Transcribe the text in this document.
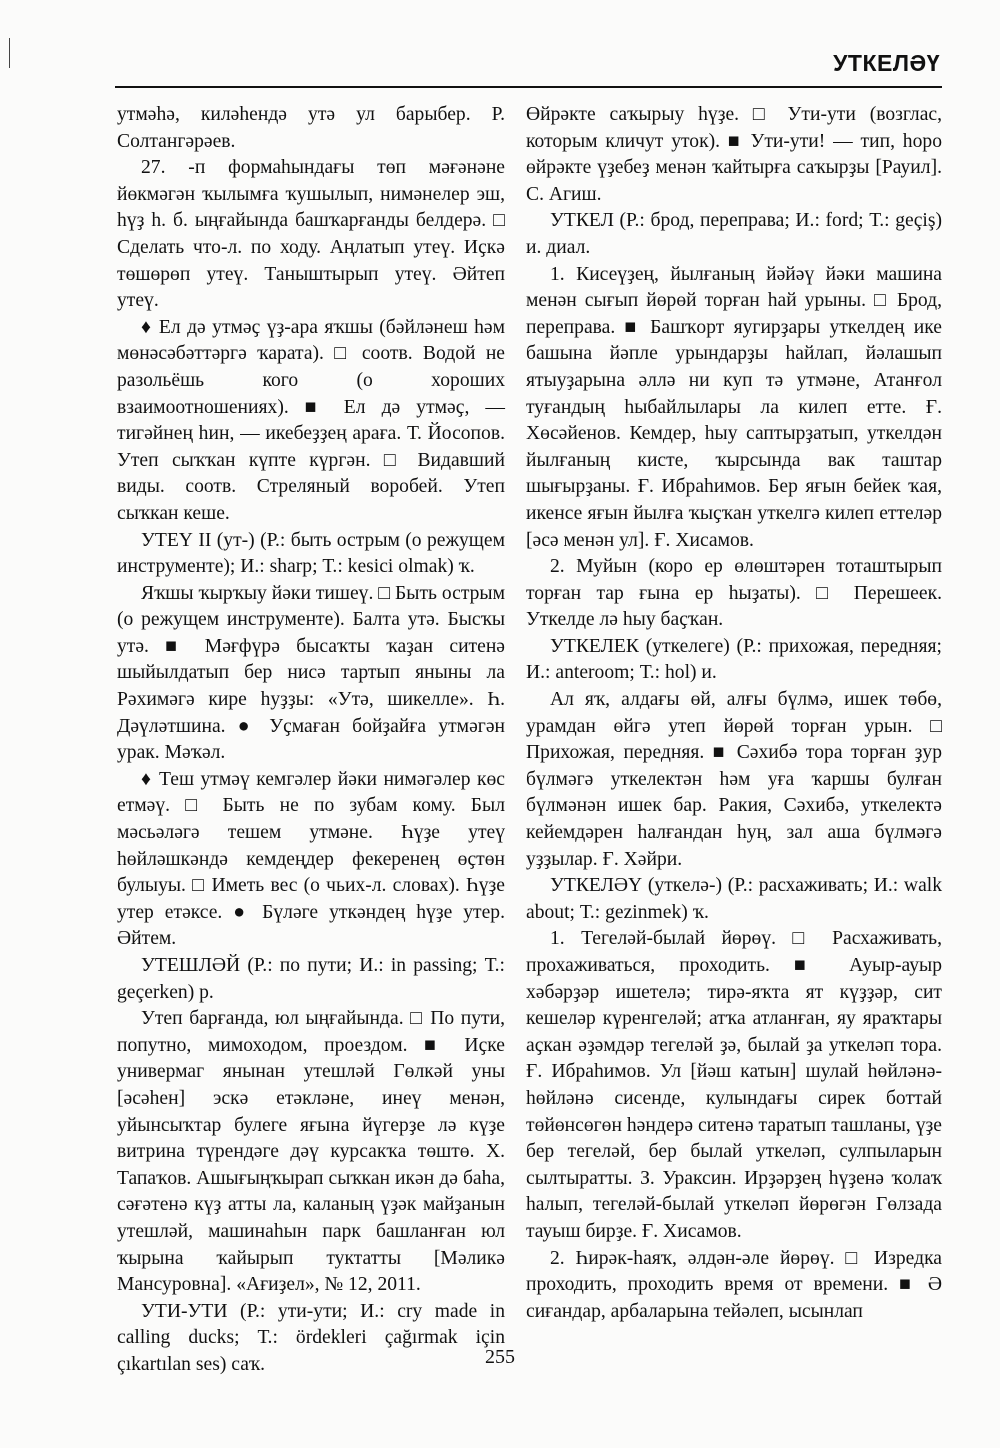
УТКЕЛӘҮ

утмәһә, киләһендә утә ул барыбер. Р. Солтангәрәев.

27. -п формаһындағы төп мәғәнәне йөкмәгән ҡылымға ҡушылып, нимәнелер эш, һүҙ һ. б. ыңғайында башҡарғанды белдерә. □ Сделать что-л. по ходу. Аңлатып утеү. Иҫкә төшөрөп утеү. Таныштырып утеү. Әйтеп утеү.

♦ Ел дә утмәҫ үҙ-ара яҡшы (бәйләнеш һәм мөнәсәбәттәргә ҡарата). □ соотв. Водой не разольёшь кого (о хороших взаимоотношениях). ■ Ел дә утмәҫ, — тигәйнең һин, — икебеҙҙең араға. Т. Йосопов. Утеп сыҡҡан күпте күргән. □ Видавший виды. соотв. Стреляный воробей. Утеп сыҡкан кеше.

УТЕҮ II (ут-) (Р.: быть острым (о режущем инструменте); И.: sharp; Т.: kesici olmak) ҡ.

Яҡшы ҡырҡыу йәки тишеү. □ Быть острым (о режущем инструменте). Балта утә. Бысҡы утә. ■ Мәғфүрә бысаҡты ҡаҙан ситенә шыйылдатып бер нисә тартып яныны ла Рәхимәгә кире һуҙҙы: «Утә, шикелле». Һ. Дәүләтшина. ● Уҫмаған бойҙайға утмәгән урак. Мәҡәл.

♦ Теш утмәү кемгәлер йәки нимәгәлер көс етмәү. □ Быть не по зубам кому. Был мәсьәләгә тешем утмәне. Һүҙе утеү һөйләшкәндә кемдеңдер фекеренең өҫтөн булыуы. □ Иметь вес (о чьих-л. словах). Һүҙе утер етәксе. ● Бүләге уткәндең һүҙе утер. Әйтем.

УТЕШЛӘЙ (Р.: по пути; И.: in passing; Т.: geçerken) р.

Утеп барғанда, юл ыңғайында. □ По пути, попутно, мимоходом, проездом. ■ Иҫке универмаг янынан утешләй Гөлкәй уны [әсәһен] эскә етәкләне, инеү менән, уйынсыҡтар булеге яғына йүгерҙе лә күҙе витрина түрендәге дәү курсакҡа төштө. Х. Тапаҡов. Ашығыңҡырап сыҡкан икән дә баһа, сәғәтенә күҙ атты ла, каланың үҙәк майҙанын утешләй, машинаһын парк башланған юл ҡырына ҡайырып туктатты [Мәликә Мансуровна]. «Ағиҙел», № 12, 2011.

УТИ-УТИ (Р.: ути-ути; И.: cry made in calling ducks; Т.: ördekleri çağırmak için çıkartılan ses) саҡ.

Өйрәкте саҡырыу һүҙе. □ Ути-ути (возглас, которым кличут уток). ■ Ути-ути! — тип, һоро өйрәкте үҙебеҙ менән ҡайтырға саҡырҙы [Рауил]. С. Агиш.

УТКЕЛ (Р.: брод, переправа; И.: ford; Т.: geçiş) и. диал.

1. Кисеүҙең, йылғаның йәйәү йәки машина менән сығып йөрөй торған һай урыны. □ Брод, переправа. ■ Башҡорт яугирҙары уткелдең ике башына йәпле урындарҙы һайлап, йәлашып ятыуҙарына әллә ни куп тә утмәне, Атанғол туғандың һыбайлылары ла килеп етте. Ғ. Хөсәйенов. Кемдер, һыу саптырҙатып, уткелдән йылғаның кисте, ҡырсында вак таштар шығырҙаны. Ғ. Ибраһимов. Бер яғын бейек ҡая, икенсе яғын йылға ҡыҫҡан уткелгә килеп еттеләр [әсә менән ул]. Ғ. Хисамов.

2. Муйын (коро ер өлөштәрен тоташтырып торған тар ғына ер һыҙаты). □ Перешеек. Уткелде лә һыу баҫҡан.

УТКЕЛЕК (уткелеге) (Р.: прихожая, передняя; И.: anteroom; Т.: hol) и.

Ал яҡ, алдағы өй, алғы бүлмә, ишек төбө, урамдан өйгә утеп йөрөй торған урын. □ Прихожая, передняя. ■ Сәхибә тора торған ҙур бүлмәгә уткелектән һәм уға ҡаршы булған бүлмәнән ишек бар. Ракия, Сәхибә, уткелектә кейемдәрен һалғандан һуң, зал аша бүлмәгә уҙҙылар. Ғ. Хәйри.

УТКЕЛӘҮ (уткелә-) (Р.: расхаживать; И.: walk about; Т.: gezinmek) ҡ.

1. Тегеләй-былай йөрөү. □ Расхаживать, прохаживаться, проходить. ■ Ауыр-ауыр хәбәрҙәр ишетелә; тирә-яҡта ят күҙҙәр, сит кешеләр күренгеләй; атҡа атланған, яу яраҡтары аҫкан әҙәмдәр тегеләй ҙә, былай ҙа уткеләп тора. Ғ. Ибраһимов. Ул [йәш катын] шулай һөйләнә-һөйләнә сисенде, кулындағы сирек боттай төйөнсөгөн һәндерә ситенә таратып ташланы, үҙе бер тегеләй, бер былай уткеләп, сулпыларын сылтыратты. З. Ураксин. Ирҙәрҙең һүҙенә ҡолаҡ һалып, тегеләй-былай уткеләп йөрөгән Гөлзада тауыш бирҙе. Ғ. Хисамов.

2. Һирәк-һаяҡ, әлдән-әле йөрөү. □ Изредка проходить, проходить время от времени. ■ Ә сиғандар, арбаларына тейәлеп, ысынлап

255
